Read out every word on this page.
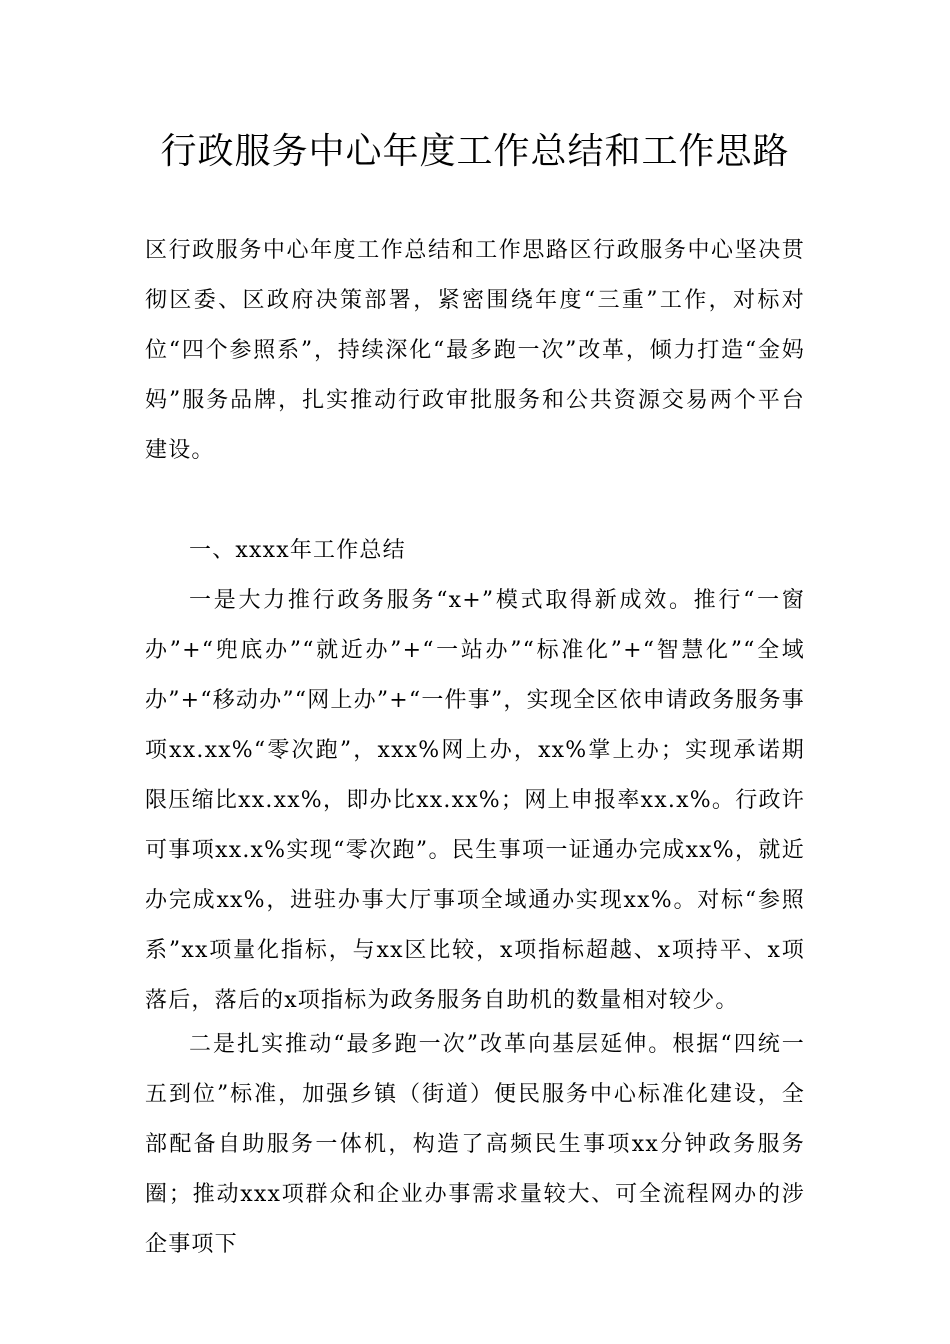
行政服务中心年度工作总结和工作思路

区行政服务中心年度工作总结和工作思路区行政服务中心坚决贯彻区委、区政府决策部署，紧密围绕年度“三重”工作，对标对位“四个参照系”，持续深化“最多跑一次”改革，倾力打造“金妈妈”服务品牌，扎实推动行政审批服务和公共资源交易两个平台建设。

一、xxxx年工作总结

一是大力推行政务服务“x+”模式取得新成效。推行“一窗办”+“兜底办”“就近办”+“一站办”“标准化”+“智慧化”“全域办”+“移动办”“网上办”+“一件事”，实现全区依申请政务服务事项xx.xx%“零次跑”，xxx%网上办，xx%掌上办；实现承诺期限压缩比xx.xx%，即办比xx.xx%；网上申报率xx.x%。行政许可事项xx.x%实现“零次跑”。民生事项一证通办完成xx%，就近办完成xx%，进驻办事大厅事项全域通办实现xx%。对标“参照系”xx项量化指标，与xx区比较，x项指标超越、x项持平、x项落后，落后的x项指标为政务服务自助机的数量相对较少。

二是扎实推动“最多跑一次”改革向基层延伸。根据“四统一五到位”标准，加强乡镇（街道）便民服务中心标准化建设，全部配备自助服务一体机，构造了高频民生事项xx分钟政务服务圈；推动xxx项群众和企业办事需求量较大、可全流程网办的涉企事项下
